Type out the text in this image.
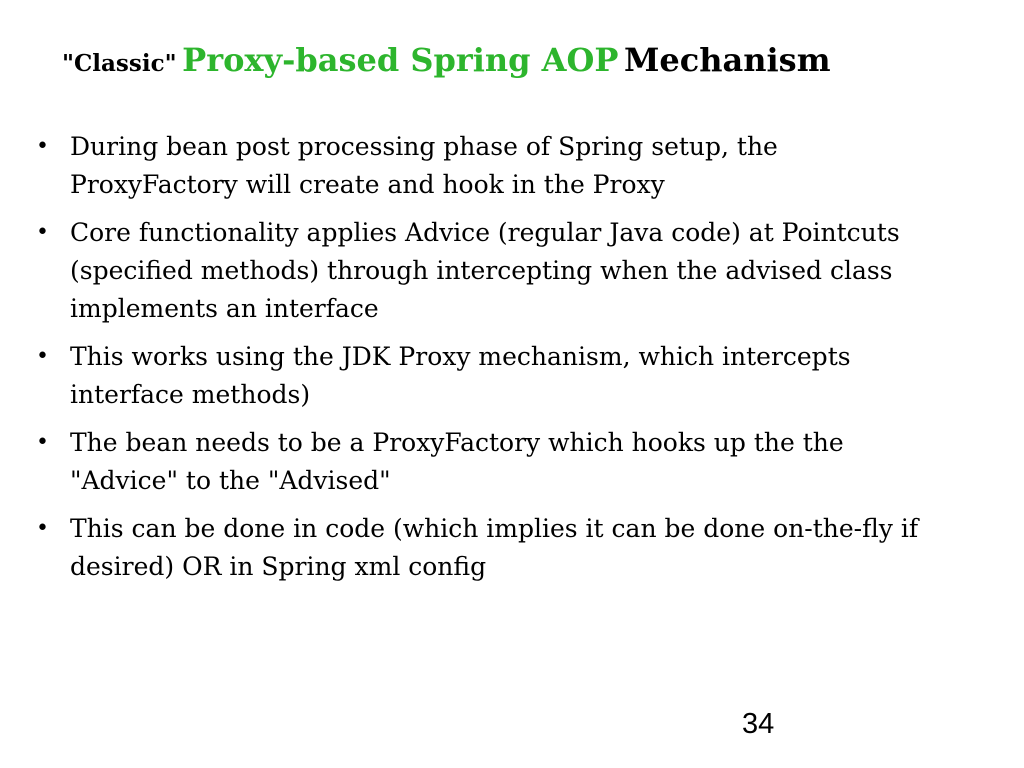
"Classic" Proxy-based Spring AOP Mechanism
• During bean post processing phase of Spring setup, the ProxyFactory will create and hook in the Proxy
• Core functionality applies Advice (regular Java code) at Pointcuts (specified methods) through intercepting when the advised class implements an interface
• This works using the JDK Proxy mechanism, which intercepts interface methods)
• The bean needs to be a ProxyFactory which hooks up the the "Advice" to the "Advised"
• This can be done in code (which implies it can be done on-the-fly if desired) OR in Spring xml config
34
